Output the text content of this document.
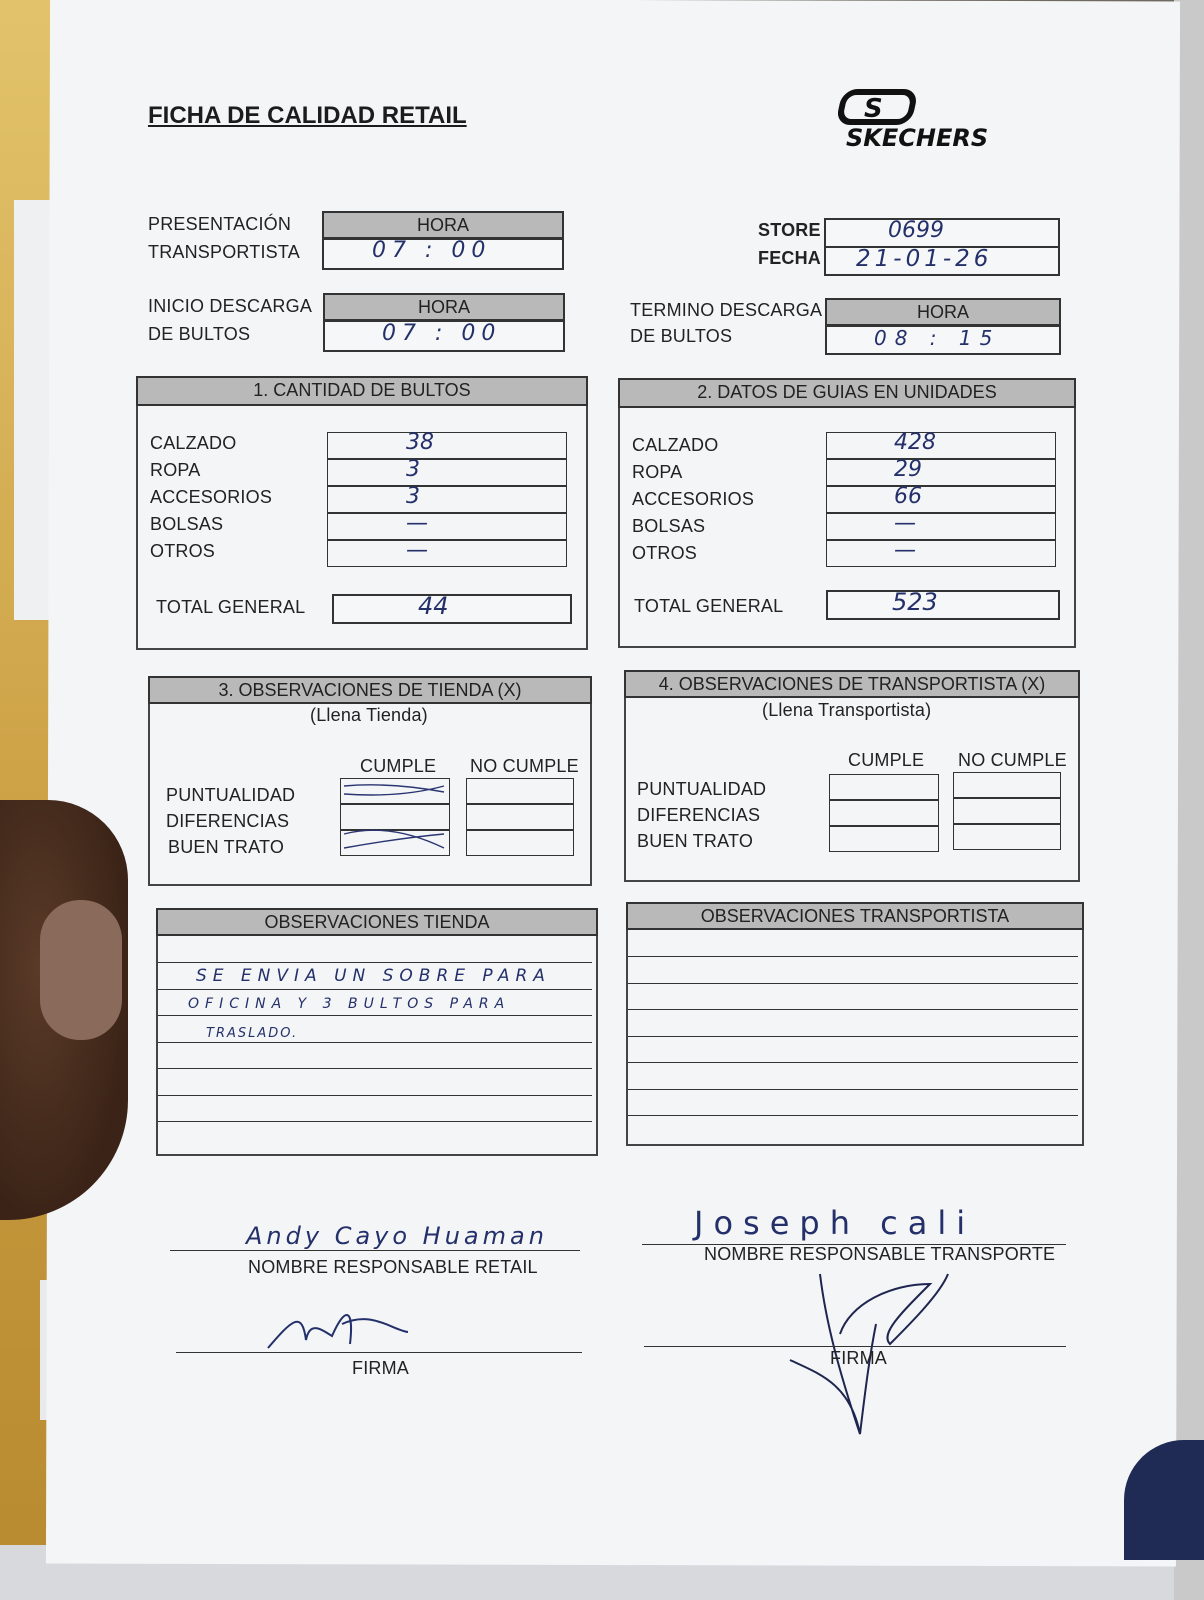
FICHA DE CALIDAD RETAIL	S
SKECHERS
PRESENTACIÓN
TRANSPORTISTA
HORA
07 : 00
STORE
FECHA
0699
21-01-26
INICIO DESCARGA
DE BULTOS
HORA
07 : 00
TERMINO DESCARGA
DE BULTOS
HORA
08 : 15
1. CANTIDAD DE BULTOS
CALZADO	38
ROPA	3
ACCESORIOS	3
BOLSAS	—
OTROS	—
TOTAL GENERAL	44
2. DATOS DE GUIAS EN UNIDADES
CALZADO	428
ROPA	29
ACCESORIOS	66
BOLSAS	—
OTROS	—
TOTAL GENERAL	523
3. OBSERVACIONES DE TIENDA (X)
(Llena Tienda)
CUMPLE NO CUMPLE
PUNTUALIDAD
DIFERENCIAS
BUEN TRATO
4. OBSERVACIONES DE TRANSPORTISTA (X)
(Llena Transportista)
CUMPLE NO CUMPLE
PUNTUALIDAD
DIFERENCIAS
BUEN TRATO
OBSERVACIONES TIENDA
SE ENVIA UN SOBRE PARA
OFICINA Y 3 BULTOS PARA
TRASLADO.
OBSERVACIONES TRANSPORTISTA
Andy Cayo Huaman
NOMBRE RESPONSABLE RETAIL
FIRMA
Joseph cali
NOMBRE RESPONSABLE TRANSPORTE
FIRMA
